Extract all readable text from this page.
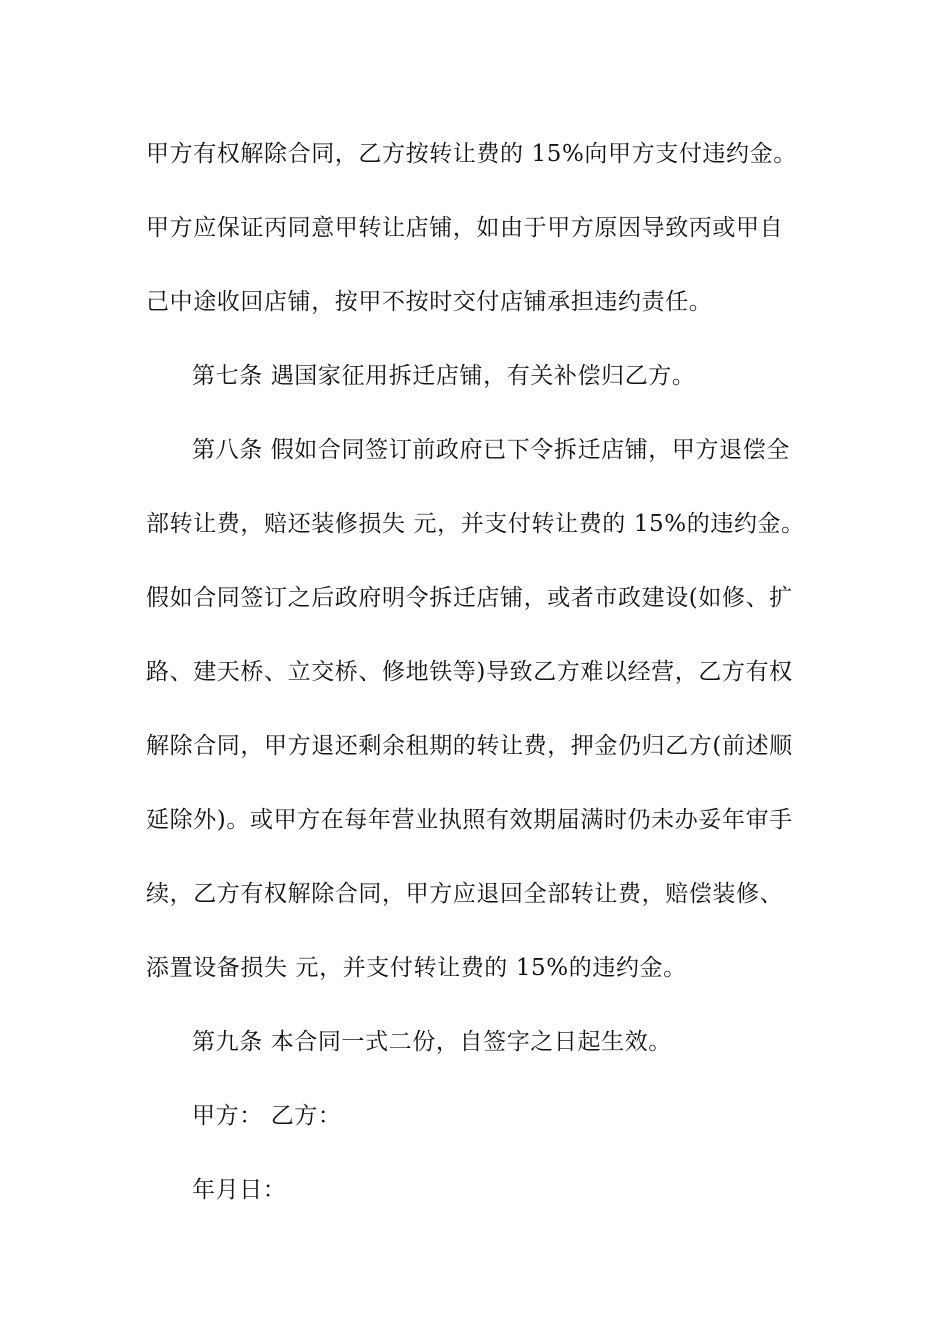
甲方有权解除合同，乙方按转让费的 15%向甲方支付违约金。
甲方应保证丙同意甲转让店铺，如由于甲方原因导致丙或甲自
己中途收回店铺，按甲不按时交付店铺承担违约责任。
第七条 遇国家征用拆迁店铺，有关补偿归乙方。
第八条 假如合同签订前政府已下令拆迁店铺，甲方退偿全
部转让费，赔还装修损失 元，并支付转让费的 15%的违约金。
假如合同签订之后政府明令拆迁店铺，或者市政建设(如修、扩
路、建天桥、立交桥、修地铁等)导致乙方难以经营，乙方有权
解除合同，甲方退还剩余租期的转让费，押金仍归乙方(前述顺
延除外)。或甲方在每年营业执照有效期届满时仍未办妥年审手
续，乙方有权解除合同，甲方应退回全部转让费，赔偿装修、
添置设备损失 元，并支付转让费的 15%的违约金。
第九条 本合同一式二份，自签字之日起生效。
甲方： 乙方：
年月日：
